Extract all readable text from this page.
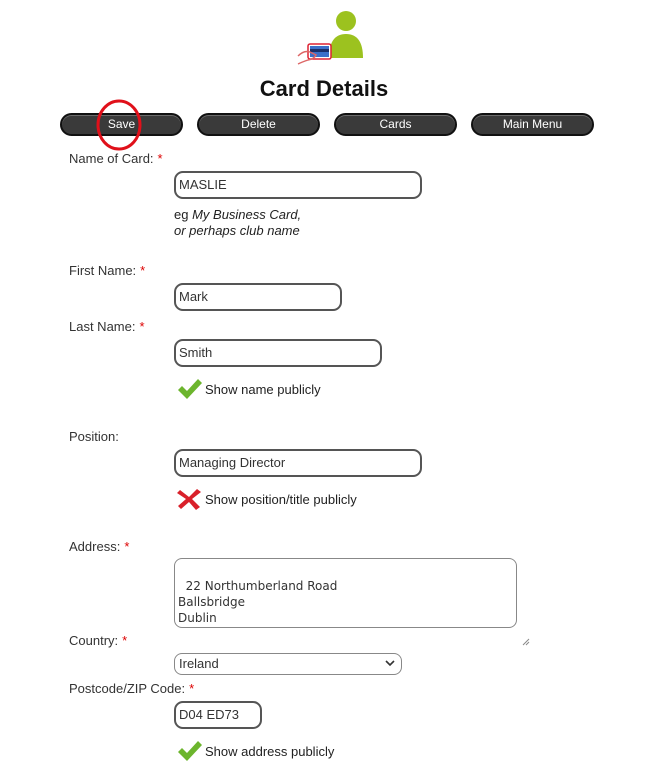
Card Details
Save	Delete	Cards	Main Menu
Name of Card: *
MASLIE
eg My Business Card,
or perhaps club name
First Name: *
Mark
Last Name: *
Smith
Show name publicly
Position:
Managing Director
Show position/title publicly
Address: *

22 Northumberland Road
Ballsbridge
Dublin

Country: *
Ireland
Postcode/ZIP Code: *
D04 ED73
Show address publicly
